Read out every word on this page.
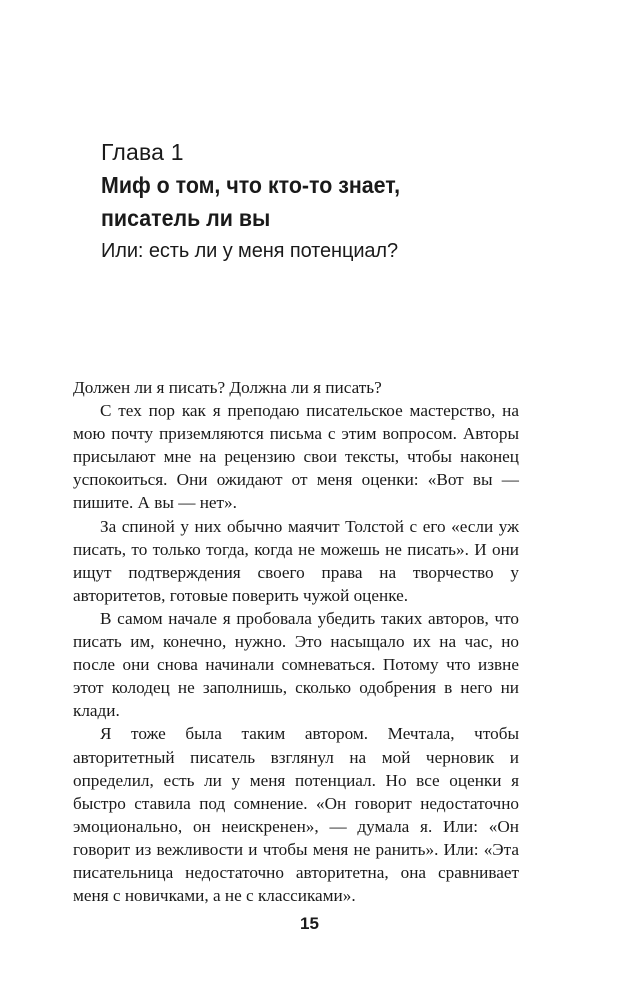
Глава 1
Миф о том, что кто-то знает,
писатель ли вы
Или: есть ли у меня потенциал?

Должен ли я писать? Должна ли я писать?

С тех пор как я преподаю писательское мастерство, на мою почту приземляются письма с этим вопросом. Авторы присылают мне на рецензию свои тексты, чтобы наконец успокоиться. Они ожидают от меня оценки: «Вот вы — пишите. А вы — нет».

За спиной у них обычно маячит Толстой с его «если уж писать, то только тогда, когда не можешь не писать». И они ищут подтверждения своего права на творчество у авторитетов, готовые поверить чужой оценке.

В самом начале я пробовала убедить таких авторов, что писать им, конечно, нужно. Это насыщало их на час, но после они снова начинали сомневаться. Потому что извне этот колодец не заполнишь, сколько одобрения в него ни клади.

Я тоже была таким автором. Мечтала, чтобы авторитетный писатель взглянул на мой черновик и определил, есть ли у меня потенциал. Но все оценки я быстро ставила под сомнение. «Он говорит недостаточно эмоционально, он неискренен», — думала я. Или: «Он говорит из вежливости и чтобы меня не ранить». Или: «Эта писательница недостаточно авторитетна, она сравнивает меня с новичками, а не с классиками».

15
